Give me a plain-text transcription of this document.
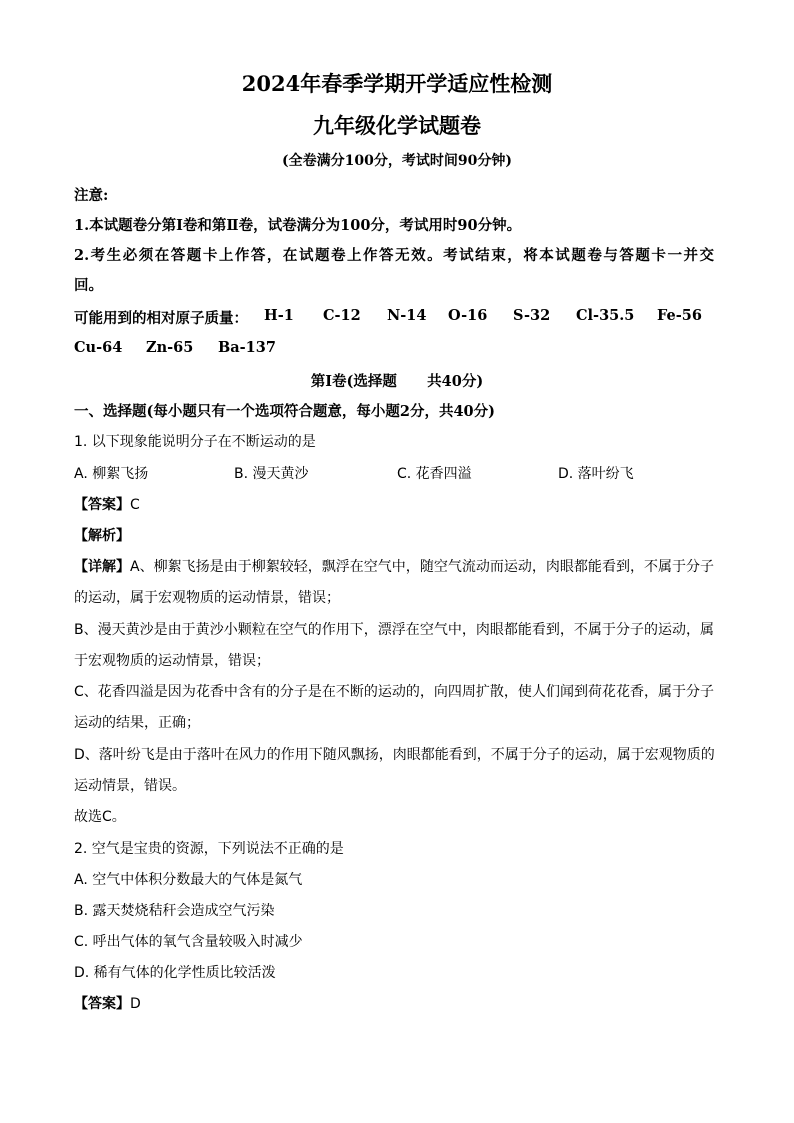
2024年春季学期开学适应性检测
九年级化学试题卷
(全卷满分100分，考试时间90分钟)
注意:
1.本试题卷分第Ⅰ卷和第Ⅱ卷，试卷满分为100分，考试用时90分钟。
2.考生必须在答题卡上作答，在试题卷上作答无效。考试结束，将本试题卷与答题卡一并交
回。
可能用到的相对原子质量： H-1 C-12 N-14 O-16 S-32 Cl-35.5 Fe-56
Cu-64 Zn-65 Ba-137
第Ⅰ卷(选择题      共40分)
一、选择题(每小题只有一个选项符合题意，每小题2分，共40分)
1. 以下现象能说明分子在不断运动的是
A. 柳絮飞扬	B. 漫天黄沙	C. 花香四溢	D. 落叶纷飞
【答案】C
【解析】
【详解】A、柳絮飞扬是由于柳絮较轻，飘浮在空气中，随空气流动而运动，肉眼都能看到，不属于分子
的运动，属于宏观物质的运动情景，错误；
B、漫天黄沙是由于黄沙小颗粒在空气的作用下，漂浮在空气中，肉眼都能看到，不属于分子的运动，属
于宏观物质的运动情景，错误；
C、花香四溢是因为花香中含有的分子是在不断的运动的，向四周扩散，使人们闻到荷花花香，属于分子
运动的结果，正确；
D、落叶纷飞是由于落叶在风力的作用下随风飘扬，肉眼都能看到，不属于分子的运动，属于宏观物质的
运动情景，错误。
故选C。
2. 空气是宝贵的资源，下列说法不正确的是
A. 空气中体积分数最大的气体是氮气
B. 露天焚烧秸秆会造成空气污染
C. 呼出气体的氧气含量较吸入时减少
D. 稀有气体的化学性质比较活泼
【答案】D
